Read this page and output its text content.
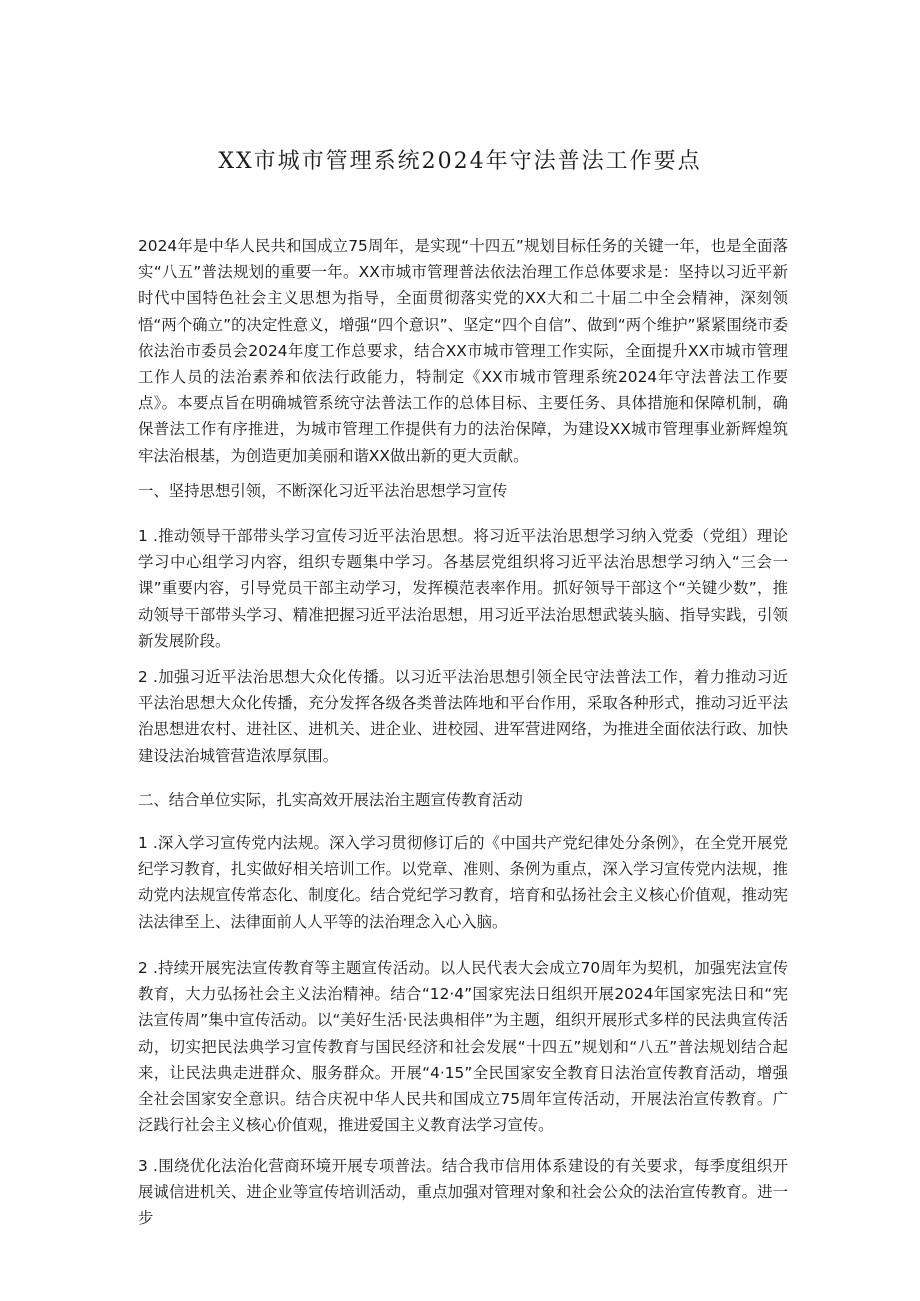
XX市城市管理系统2024年守法普法工作要点

2024年是中华人民共和国成立75周年，是实现“十四五”规划目标任务的关键一年，也是全面落实“八五”普法规划的重要一年。XX市城市管理普法依法治理工作总体要求是：坚持以习近平新时代中国特色社会主义思想为指导，全面贯彻落实党的XX大和二十届二中全会精神，深刻领悟“两个确立”的决定性意义，增强“四个意识”、坚定“四个自信”、做到“两个维护”紧紧围绕市委依法治市委员会2024年度工作总要求，结合XX市城市管理工作实际，全面提升XX市城市管理工作人员的法治素养和依法行政能力，特制定《XX市城市管理系统2024年守法普法工作要点》。本要点旨在明确城管系统守法普法工作的总体目标、主要任务、具体措施和保障机制，确保普法工作有序推进，为城市管理工作提供有力的法治保障，为建设XX城市管理事业新辉煌筑牢法治根基，为创造更加美丽和谐XX做出新的更大贡献。

一、坚持思想引领，不断深化习近平法治思想学习宣传

1 .推动领导干部带头学习宣传习近平法治思想。将习近平法治思想学习纳入党委（党组）理论学习中心组学习内容，组织专题集中学习。各基层党组织将习近平法治思想学习纳入“三会一课”重要内容，引导党员干部主动学习，发挥模范表率作用。抓好领导干部这个“关键少数”，推动领导干部带头学习、精准把握习近平法治思想，用习近平法治思想武装头脑、指导实践，引领新发展阶段。

2 .加强习近平法治思想大众化传播。以习近平法治思想引领全民守法普法工作，着力推动习近平法治思想大众化传播，充分发挥各级各类普法阵地和平台作用，采取各种形式，推动习近平法治思想进农村、进社区、进机关、进企业、进校园、进军营进网络，为推进全面依法行政、加快建设法治城管营造浓厚氛围。

二、结合单位实际，扎实高效开展法治主题宣传教育活动

1 .深入学习宣传党内法规。深入学习贯彻修订后的《中国共产党纪律处分条例》，在全党开展党纪学习教育，扎实做好相关培训工作。以党章、准则、条例为重点，深入学习宣传党内法规，推动党内法规宣传常态化、制度化。结合党纪学习教育，培育和弘扬社会主义核心价值观，推动宪法法律至上、法律面前人人平等的法治理念入心入脑。

2 .持续开展宪法宣传教育等主题宣传活动。以人民代表大会成立70周年为契机，加强宪法宣传教育，大力弘扬社会主义法治精神。结合“12·4”国家宪法日组织开展2024年国家宪法日和“宪法宣传周”集中宣传活动。以“美好生活·民法典相伴”为主题，组织开展形式多样的民法典宣传活动，切实把民法典学习宣传教育与国民经济和社会发展“十四五”规划和“八五”普法规划结合起来，让民法典走进群众、服务群众。开展“4·15”全民国家安全教育日法治宣传教育活动，增强全社会国家安全意识。结合庆祝中华人民共和国成立75周年宣传活动，开展法治宣传教育。广泛践行社会主义核心价值观，推进爱国主义教育法学习宣传。

3 .围绕优化法治化营商环境开展专项普法。结合我市信用体系建设的有关要求，每季度组织开展诚信进机关、进企业等宣传培训活动，重点加强对管理对象和社会公众的法治宣传教育。进一步
